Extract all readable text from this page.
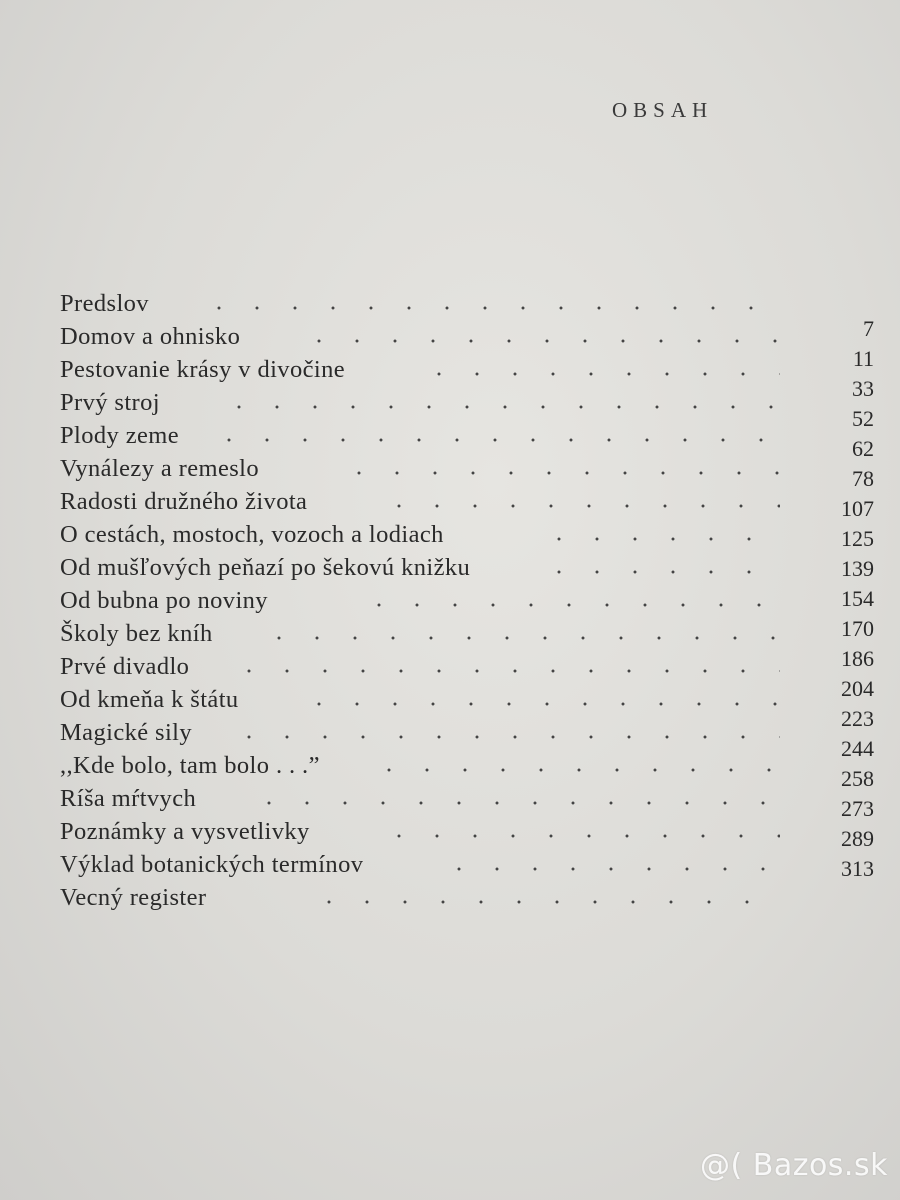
OBSAH
Predslov
Domov a ohnisko	7
Pestovanie krásy v divočine	11
Prvý stroj
33
Plody zeme
52
Vynálezy a remeslo
62
Radosti družného života
78
O cestách, mostoch, vozoch a lodiach
107
Od mušľových peňazí po šekovú knižku
125
Od bubna po noviny
139
Školy bez kníh
154
Prvé divadlo
170
Od kmeňa k štátu
186
Magické sily
204
,,Kde bolo, tam bolo . . .”
223
Ríša mŕtvych
244
Poznámky a vysvetlivky
258
Výklad botanických termínov
273
Vecný register
289
313
@( Bazos.sk
